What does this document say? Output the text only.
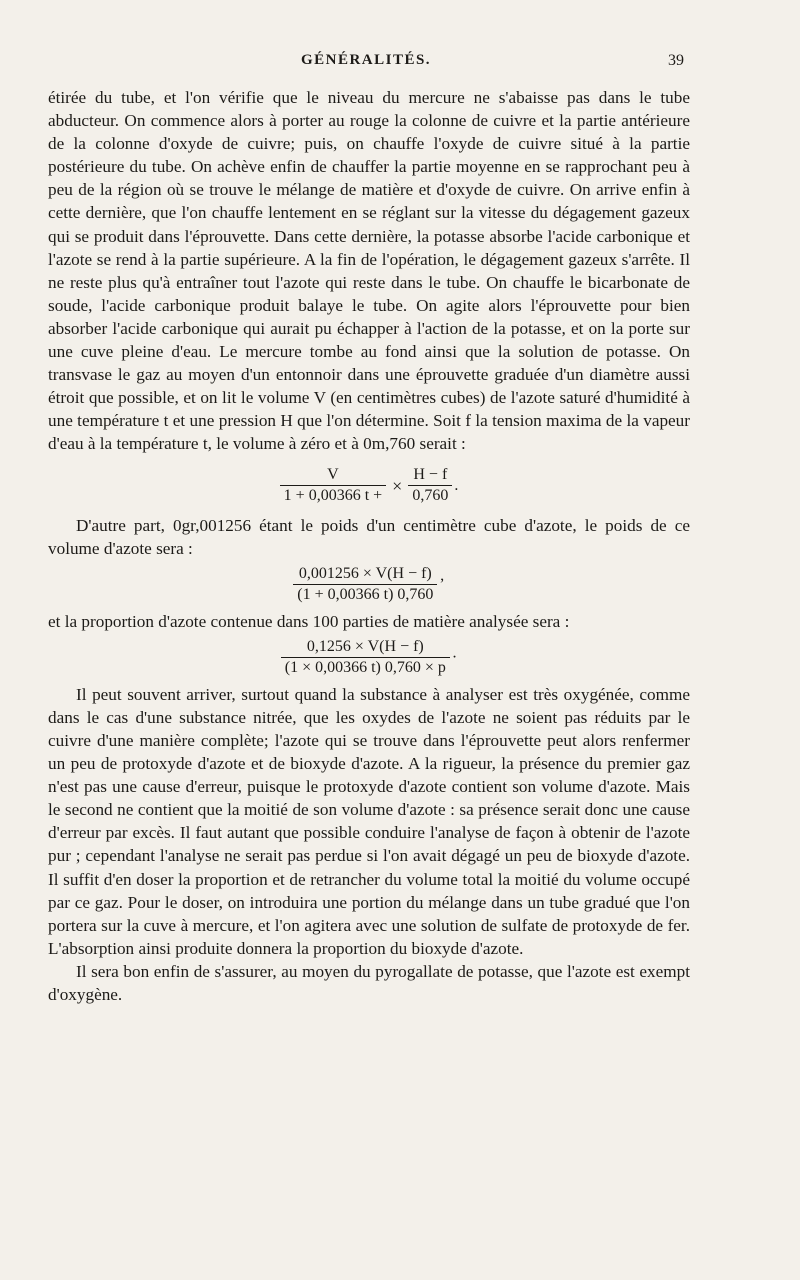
GÉNÉRALITÉS.	39

étirée du tube, et l'on vérifie que le niveau du mercure ne s'abaisse pas dans le tube abducteur. On commence alors à porter au rouge la colonne de cuivre et la partie antérieure de la colonne d'oxyde de cuivre; puis, on chauffe l'oxyde de cuivre situé à la partie postérieure du tube. On achève enfin de chauffer la partie moyenne en se rapprochant peu à peu de la région où se trouve le mélange de matière et d'oxyde de cuivre. On arrive enfin à cette dernière, que l'on chauffe lentement en se réglant sur la vitesse du dégagement gazeux qui se produit dans l'éprouvette. Dans cette dernière, la potasse absorbe l'acide carbonique et l'azote se rend à la partie supérieure. A la fin de l'opération, le dégagement gazeux s'arrête. Il ne reste plus qu'à entraîner tout l'azote qui reste dans le tube. On chauffe le bicarbonate de soude, l'acide carbonique produit balaye le tube. On agite alors l'éprouvette pour bien absorber l'acide carbonique qui aurait pu échapper à l'action de la potasse, et on la porte sur une cuve pleine d'eau. Le mercure tombe au fond ainsi que la solution de potasse. On transvase le gaz au moyen d'un entonnoir dans une éprouvette graduée d'un diamètre aussi étroit que possible, et on lit le volume V (en centimètres cubes) de l'azote saturé d'humidité à une température t et une pression H que l'on détermine. Soit f la tension maxima de la vapeur d'eau à la température t, le volume à zéro et à 0m,760 serait :

$\frac{V}{1 + 0,00366 t +} \times \frac{H - f}{0,760}$ .

D'autre part, 0gr,001256 étant le poids d'un centimètre cube d'azote, le poids de ce volume d'azote sera :

$\frac{0,001256 \times V(H - f)}{(1 + 0,00366 t) 0,760}$ ’

et la proportion d'azote contenue dans 100 parties de matière analysée sera :

$\frac{0,1256 \times V(H - f)}{(1 \times 0,00366 t) 0,760 \times p}$ ·

Il peut souvent arriver, surtout quand la substance à analyser est très oxygénée, comme dans le cas d'une substance nitrée, que les oxydes de l'azote ne soient pas réduits par le cuivre d'une manière complète; l'azote qui se trouve dans l'éprouvette peut alors renfermer un peu de protoxyde d'azote et de bioxyde d'azote. A la rigueur, la présence du premier gaz n'est pas une cause d'erreur, puisque le protoxyde d'azote contient son volume d'azote. Mais le second ne contient que la moitié de son volume d'azote : sa présence serait donc une cause d'erreur par excès. Il faut autant que possible conduire l'analyse de façon à obtenir de l'azote pur ; cependant l'analyse ne serait pas perdue si l'on avait dégagé un peu de bioxyde d'azote. Il suffit d'en doser la proportion et de retrancher du volume total la moitié du volume occupé par ce gaz. Pour le doser, on introduira une portion du mélange dans un tube gradué que l'on portera sur la cuve à mercure, et l'on agitera avec une solution de sulfate de protoxyde de fer. L'absorption ainsi produite donnera la proportion du bioxyde d'azote.

Il sera bon enfin de s'assurer, au moyen du pyrogallate de potasse, que l'azote est exempt d'oxygène.
